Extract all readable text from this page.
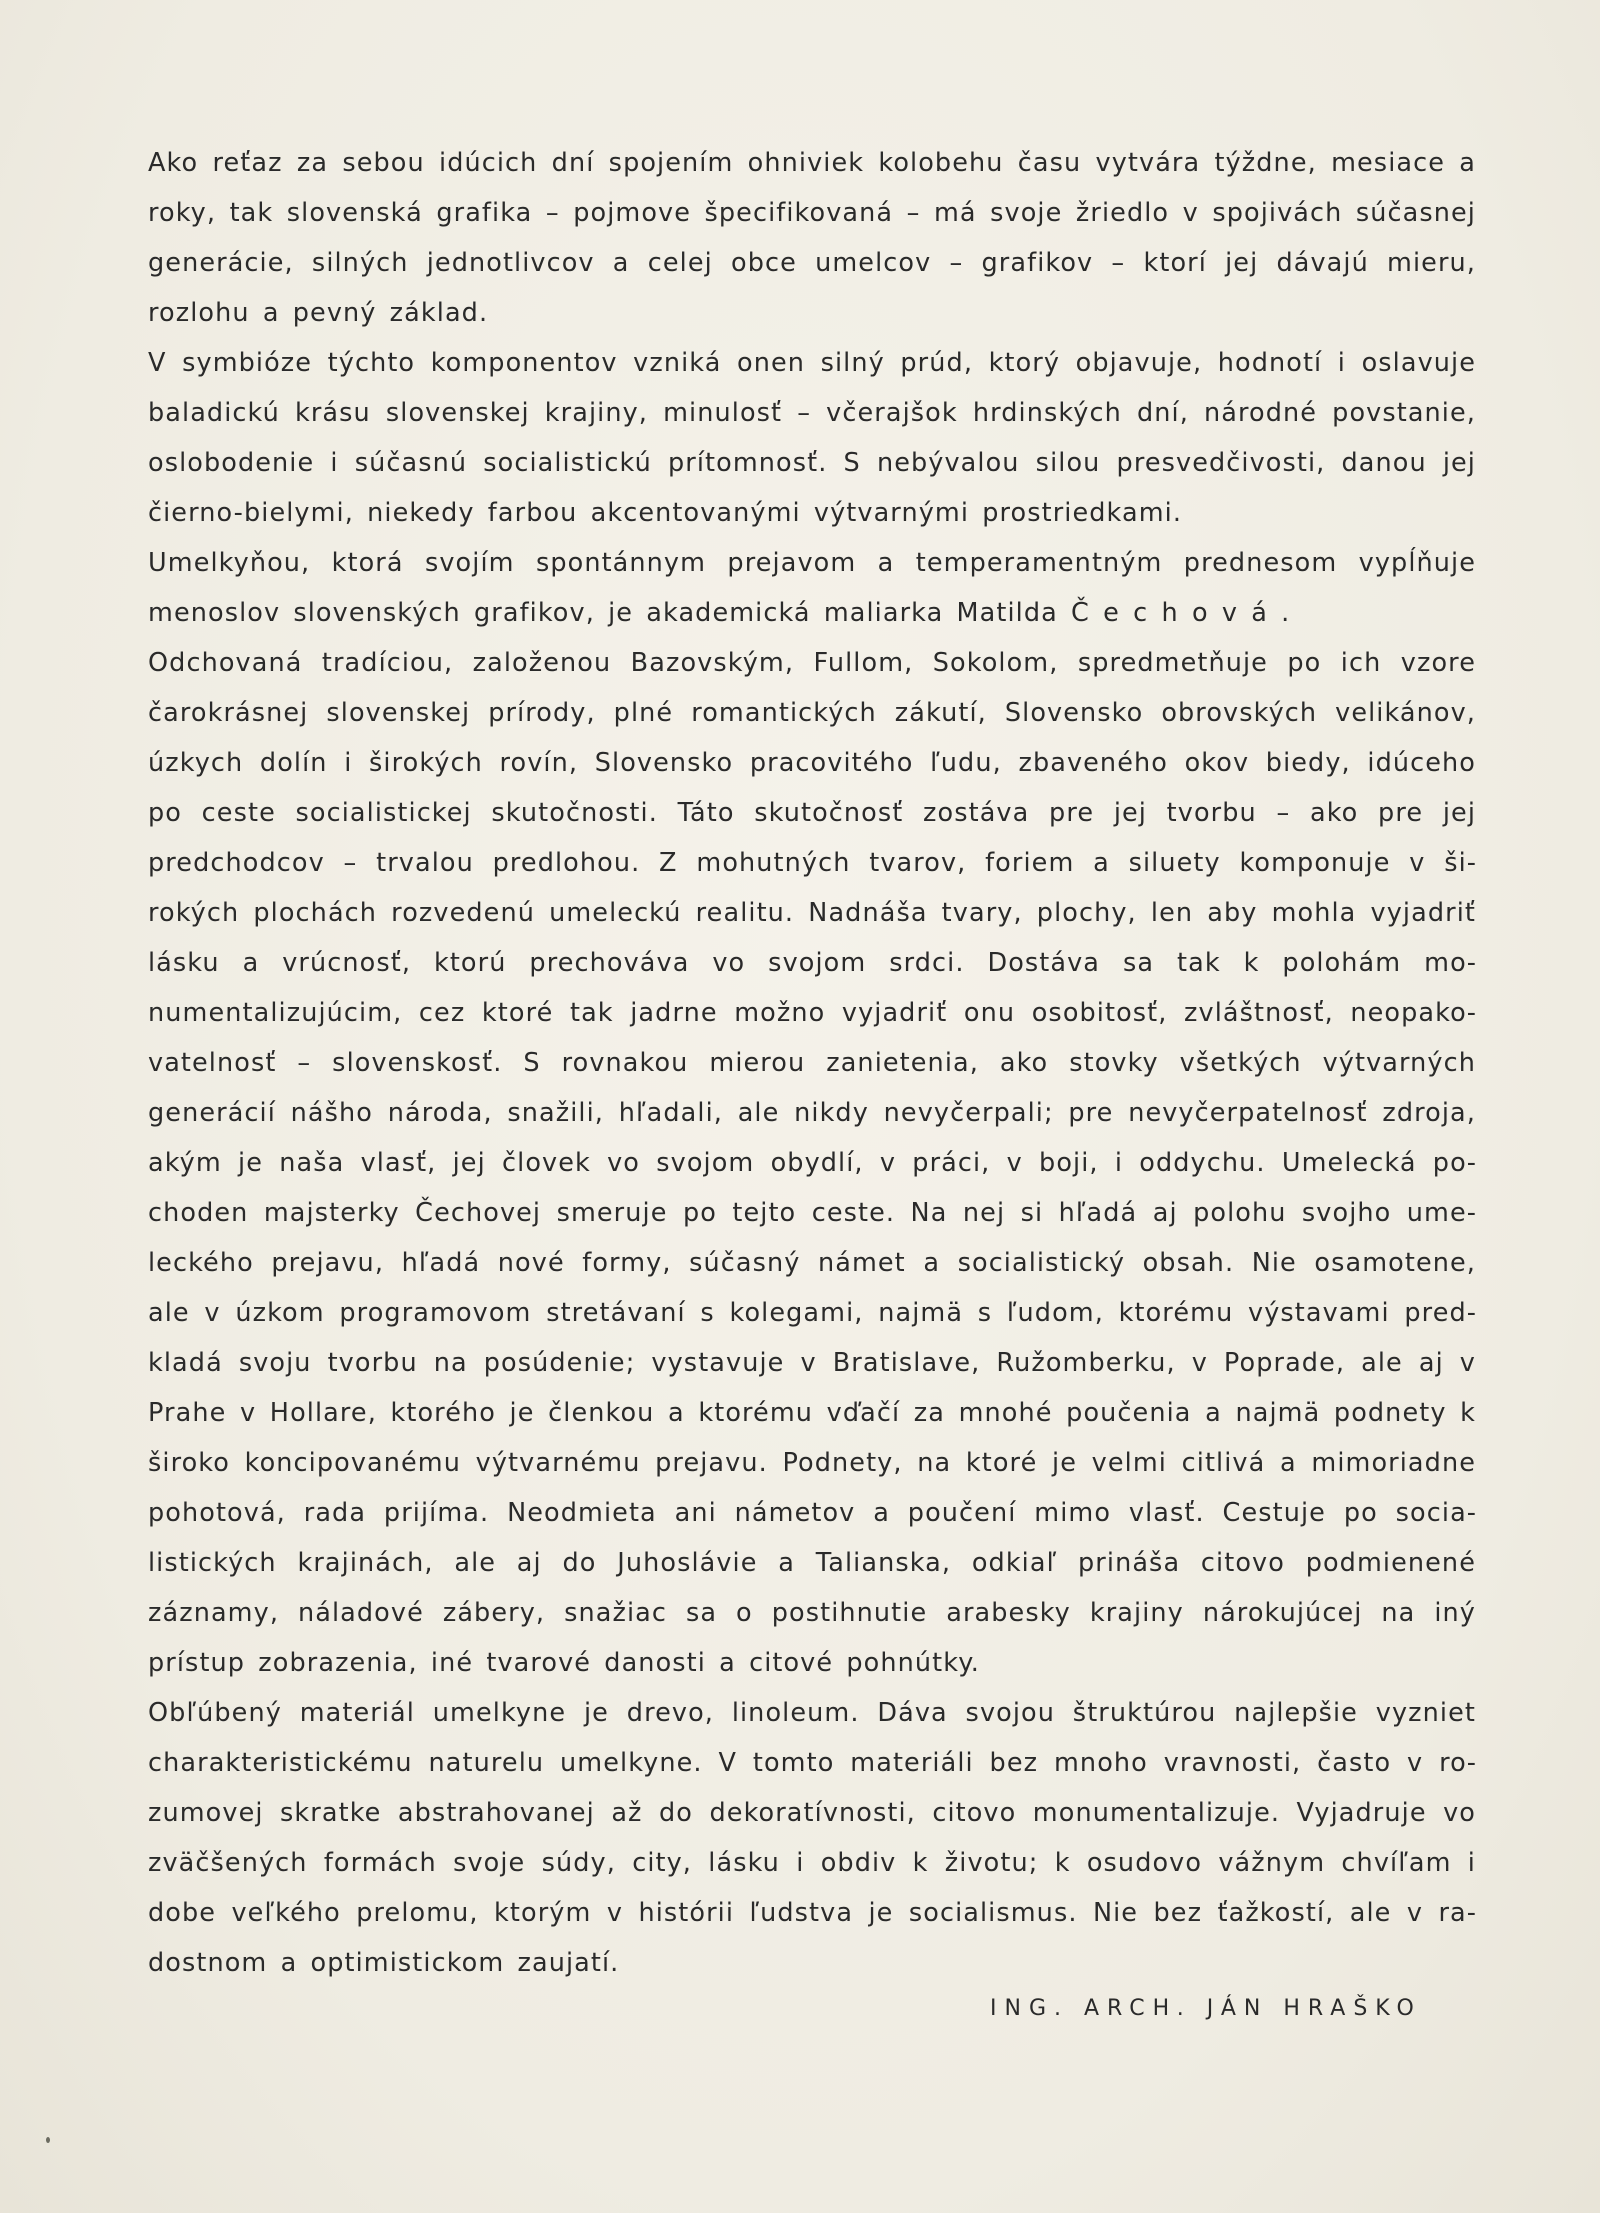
Ako reťaz za sebou idúcich dní spojením ohniviek kolobehu času vytvára týždne, mesiace a roky, tak slovenská grafika – pojmove špecifikovaná – má svoje žriedlo v spojivách súčasnej generácie, silných jednotlivcov a celej obce umelcov – grafikov – ktorí jej dávajú mieru, rozlohu a pevný základ.

V symbióze týchto komponentov vzniká onen silný prúd, ktorý objavuje, hodnotí i oslavuje baladickú krásu slovenskej krajiny, minulosť – včerajšok hrdinských dní, národné povstanie, oslobodenie i súčasnú socialistickú prítomnosť. S nebývalou silou presvedčivosti, danou jej čierno-bielymi, niekedy farbou akcentovanými výtvarnými prostriedkami.

Umelkyňou, ktorá svojím spontánnym prejavom a temperamentným prednesom vypĺňuje menoslov slovenských grafikov, je akademická maliarka Matilda Č e c h o v á .

Odchovaná tradíciou, založenou Bazovským, Fullom, Sokolom, spredmetňuje po ich vzore čarokrásnej slovenskej prírody, plné romantických zákutí, Slovensko obrovských velikánov, úzkych dolín i širokých rovín, Slovensko pracovitého ľudu, zbaveného okov biedy, idúceho po ceste socialistickej skutočnosti. Táto skutočnosť zostáva pre jej tvorbu – ako pre jej predchodcov – trvalou predlohou. Z mohutných tvarov, foriem a siluety komponuje v širokých plochách rozvedenú umeleckú realitu. Nadnáša tvary, plochy, len aby mohla vyjadriť lásku a vrúcnosť, ktorú prechováva vo svojom srdci. Dostáva sa tak k polohám monumentalizujúcim, cez ktoré tak jadrne možno vyjadriť onu osobitosť, zvláštnosť, neopakovatelnosť – slovenskosť. S rovnakou mierou zanietenia, ako stovky všetkých výtvarných generácií nášho národa, snažili, hľadali, ale nikdy nevyčerpali; pre nevyčerpatelnosť zdroja, akým je naša vlasť, jej človek vo svojom obydlí, v práci, v boji, i oddychu. Umelecká pochoden majsterky Čechovej smeruje po tejto ceste. Na nej si hľadá aj polohu svojho umeleckého prejavu, hľadá nové formy, súčasný námet a socialistický obsah. Nie osamotene, ale v úzkom programovom stretávaní s kolegami, najmä s ľudom, ktorému výstavami predkladá svoju tvorbu na posúdenie; vystavuje v Bratislave, Ružomberku, v Poprade, ale aj v Prahe v Hollare, ktorého je členkou a ktorému vďačí za mnohé poučenia a najmä podnety k široko koncipovanému výtvarnému prejavu. Podnety, na ktoré je velmi citlivá a mimoriadne pohotová, rada prijíma. Neodmieta ani námetov a poučení mimo vlasť. Cestuje po socialistických krajinách, ale aj do Juhoslávie a Talianska, odkiaľ prináša citovo podmienené záznamy, náladové zábery, snažiac sa o postihnutie arabesky krajiny nárokujúcej na iný prístup zobrazenia, iné tvarové danosti a citové pohnútky.

Obľúbený materiál umelkyne je drevo, linoleum. Dáva svojou štruktúrou najlepšie vyzniet charakteristickému naturelu umelkyne. V tomto materiáli bez mnoho vravnosti, často v rozumovej skratke abstrahovanej až do dekoratívnosti, citovo monumentalizuje. Vyjadruje vo zväčšených formách svoje súdy, city, lásku i obdiv k životu; k osudovo vážnym chvíľam i dobe veľkého prelomu, ktorým v histórii ľudstva je socialismus. Nie bez ťažkostí, ale v radostnom a optimistickom zaujatí.

ING. ARCH. JÁN HRAŠKO
